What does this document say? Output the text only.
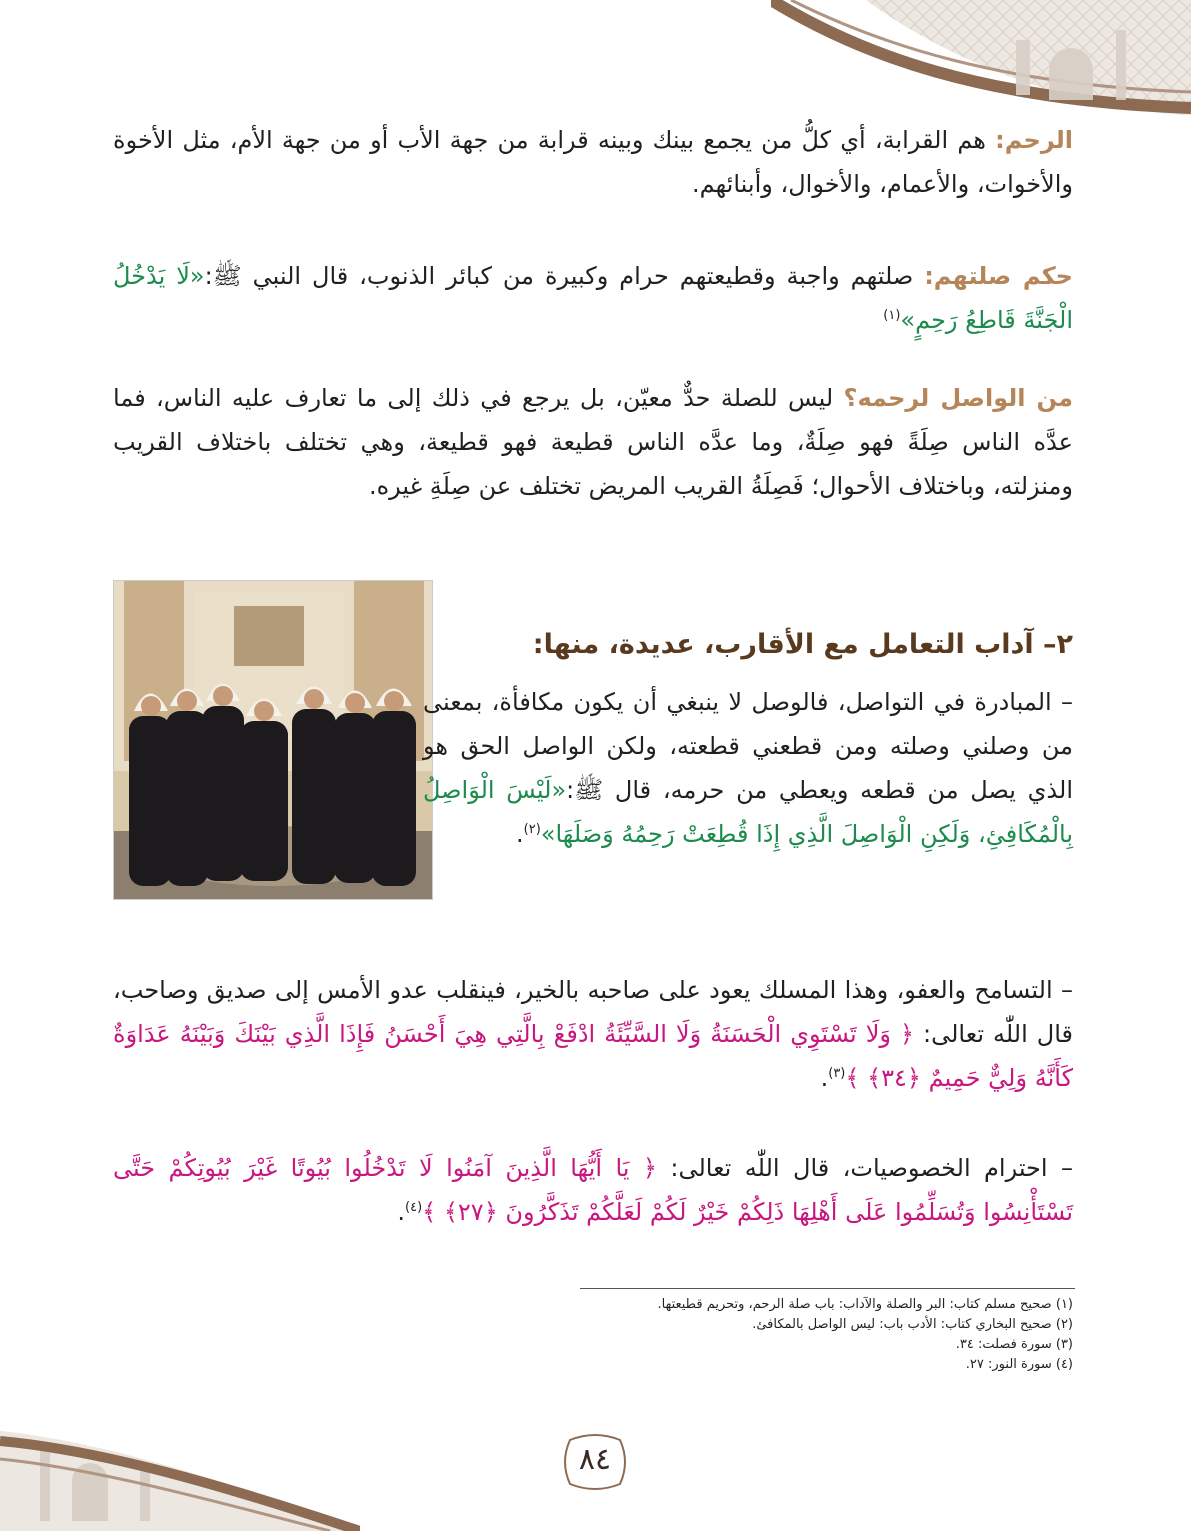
الرحم: هم القرابة، أي كلُّ من يجمع بينك وبينه قرابة من جهة الأب أو من جهة الأم، مثل الأخوة والأخوات، والأعمام، والأخوال، وأبنائهم.

حكم صلتهم: صلتهم واجبة وقطيعتهم حرام وكبيرة من كبائر الذنوب، قال النبي ﷺ:«لَا يَدْخُلُ الْجَنَّةَ قَاطِعُ رَحِمٍ»$^{(١)}$

من الواصل لرحمه؟ ليس للصلة حدٌّ معيّن، بل يرجع في ذلك إلى ما تعارف عليه الناس، فما عدَّه الناس صِلَةً فهو صِلَةٌ، وما عدَّه الناس قطيعة فهو قطيعة، وهي تختلف باختلاف القريب ومنزلته، وباختلاف الأحوال؛ فَصِلَةُ القريب المريض تختلف عن صِلَةِ غيره.

٢– آداب التعامل مع الأقارب، عديدة، منها:

– المبادرة في التواصل، فالوصل لا ينبغي أن يكون مكافأة، بمعنى من وصلني وصلته ومن قطعني قطعته، ولكن الواصل الحق هو الذي يصل من قطعه ويعطي من حرمه، قال ﷺ:«لَيْسَ الْوَاصِلُ بِالْمُكَافِئِ، وَلَكِنِ الْوَاصِلَ الَّذِي إِذَا قُطِعَتْ رَحِمُهُ وَصَلَهَا»$^{(٢)}$.

– التسامح والعفو، وهذا المسلك يعود على صاحبه بالخير، فينقلب عدو الأمس إلى صديق وصاحب، قال اللّٰه تعالى: ﴿ وَلَا تَسْتَوِي الْحَسَنَةُ وَلَا السَّيِّئَةُ ادْفَعْ بِالَّتِي هِيَ أَحْسَنُ فَإِذَا الَّذِي بَيْنَكَ وَبَيْنَهُ عَدَاوَةٌ كَأَنَّهُ وَلِيٌّ حَمِيمٌ ﴿٣٤﴾ ﴾$^{(٣)}$.

– احترام الخصوصيات، قال اللّٰه تعالى: ﴿ يَا أَيُّهَا الَّذِينَ آمَنُوا لَا تَدْخُلُوا بُيُوتًا غَيْرَ بُيُوتِكُمْ حَتَّى تَسْتَأْنِسُوا وَتُسَلِّمُوا عَلَى أَهْلِهَا ذَلِكُمْ خَيْرٌ لَكُمْ لَعَلَّكُمْ تَذَكَّرُونَ ﴿٢٧﴾ ﴾$^{(٤)}$.

(١) صحيح مسلم كتاب: البر والصلة والآداب: باب صلة الرحم، وتحريم قطيعتها.
(٢) صحيح البخاري كتاب: الأدب باب: ليس الواصل بالمكافئ.
(٣) سورة فصلت: ٣٤.
(٤) سورة النور: ٢٧.
٨٤
